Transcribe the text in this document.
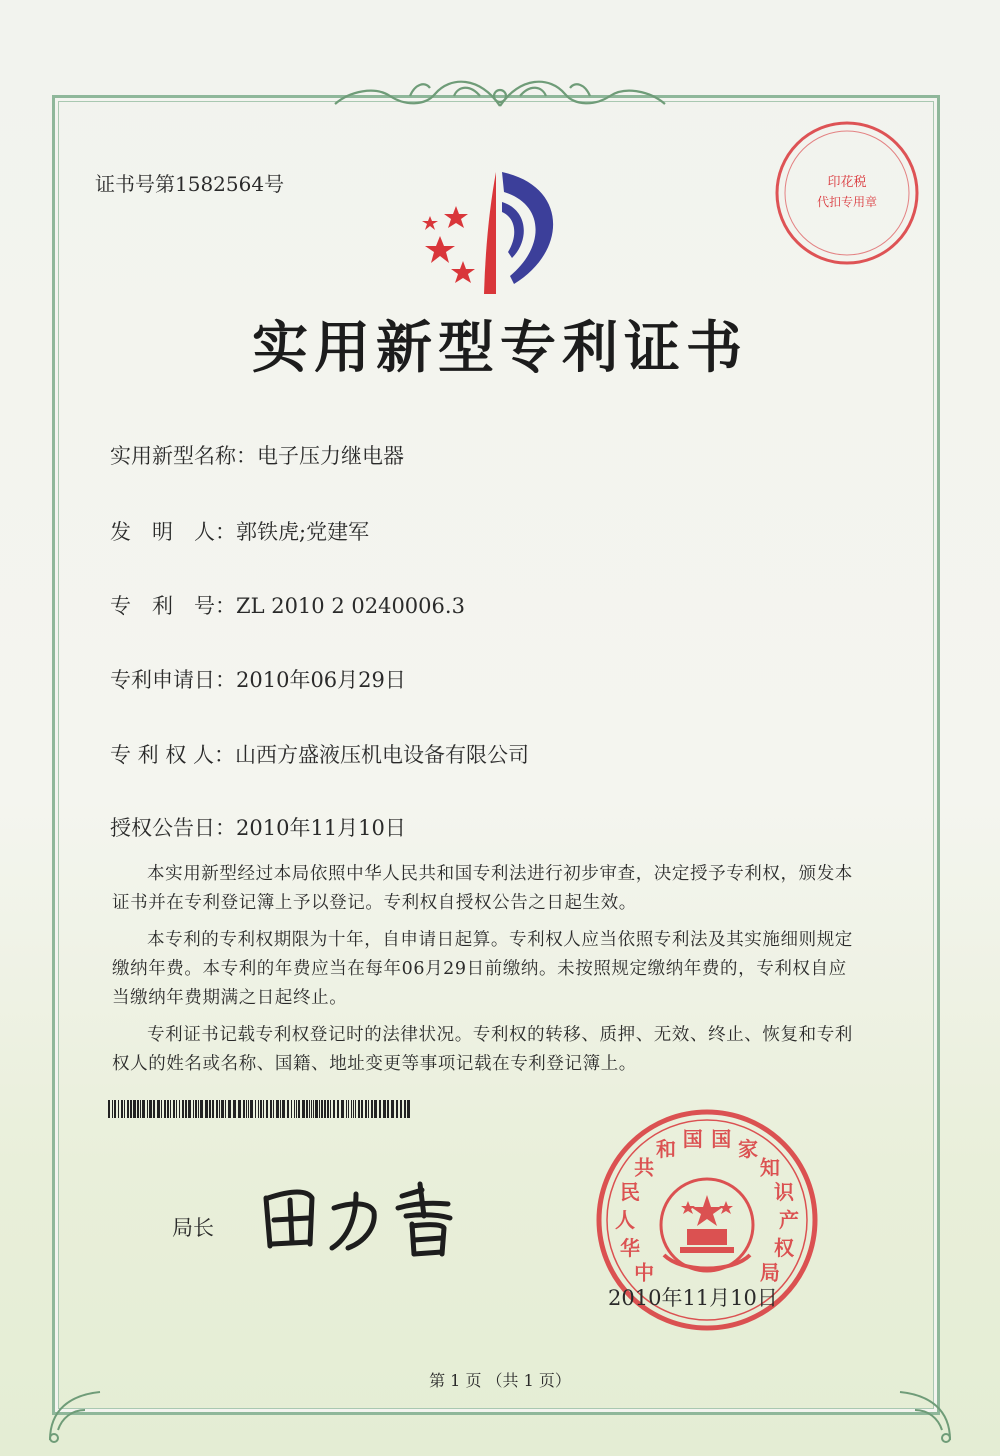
证书号第1582564号	印花税
代扣专用章
实用新型专利证书
实用新型名称：电子压力继电器
发　明　人：郭铁虎;党建军
专　利　号：ZL 2010 2 0240006.3
专利申请日：2010年06月29日
专 利 权 人：山西方盛液压机电设备有限公司
授权公告日：2010年11月10日

本实用新型经过本局依照中华人民共和国专利法进行初步审查，决定授予专利权，颁发本证书并在专利登记簿上予以登记。专利权自授权公告之日起生效。

本专利的专利权期限为十年，自申请日起算。专利权人应当依照专利法及其实施细则规定缴纳年费。本专利的年费应当在每年06月29日前缴纳。未按照规定缴纳年费的，专利权自应当缴纳年费期满之日起终止。

专利证书记载专利权登记时的法律状况。专利权的转移、质押、无效、终止、恢复和专利权人的姓名或名称、国籍、地址变更等事项记载在专利登记簿上。

局长
中华人民共和 国 国 家知识产权局
2010年11月10日
第 1 页 （共 1 页）
